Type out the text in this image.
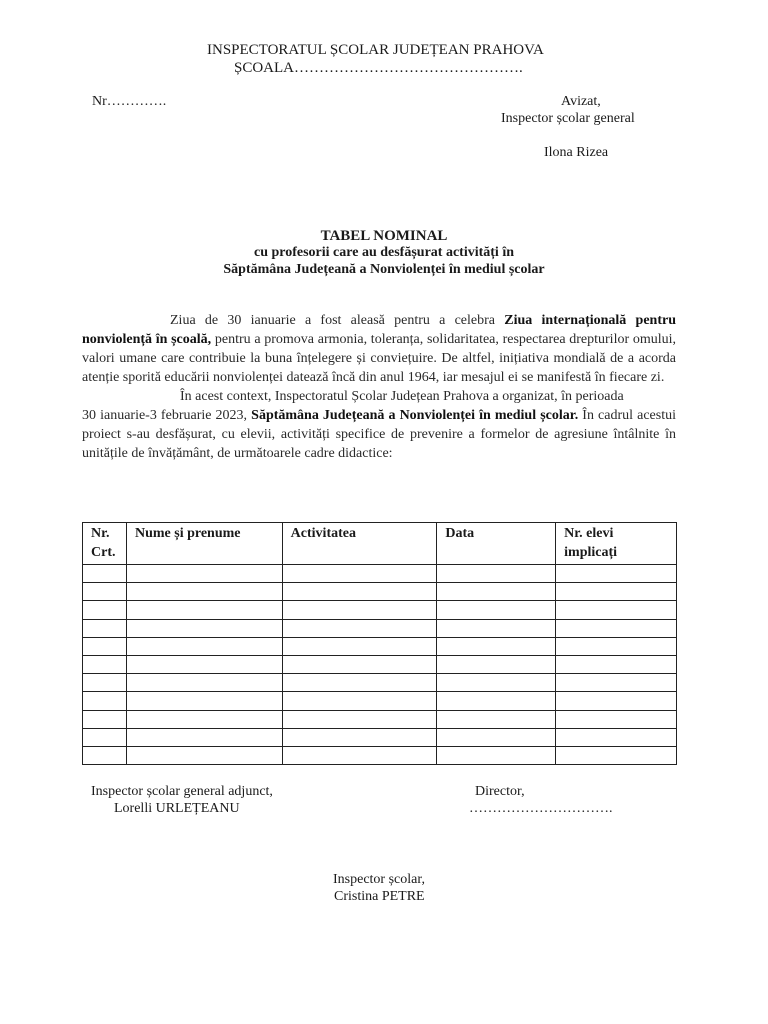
INSPECTORATUL ȘCOLAR JUDEȚEAN PRAHOVA
ȘCOALA……………………………………….
Nr………….	Avizat,
Inspector școlar general
Ilona Rizea
TABEL NOMINAL
cu profesorii care au desfășurat activități în
Săptămâna Județeană a Nonviolenței în mediul școlar

Ziua de 30 ianuarie a fost aleasă pentru a celebra Ziua internațională pentru nonviolență în școală, pentru a promova armonia, toleranța, solidaritatea, respectarea drepturilor omului, valori umane care contribuie la buna înțelegere și conviețuire. De altfel, inițiativa mondială de a acorda atenție sporită educării nonviolenței datează încă din anul 1964, iar mesajul ei se manifestă în fiecare zi.

În acest context, Inspectoratul Școlar Județean Prahova a organizat, în perioada

30 ianuarie-3 februarie 2023, Săptămâna Județeană a Nonviolenței în mediul școlar. În cadrul acestui proiect s-au desfășurat, cu elevii, activități specifice de prevenire a formelor de agresiune întâlnite în unitățile de învățământ, de următoarele cadre didactice:

Nr. Crt.	Nume și prenume	Activitatea	Data	Nr. elevi implicați

Inspector școlar general adjunct,
Lorelli URLEȚEANU
Director,
………………………….
Inspector școlar,
Cristina PETRE
